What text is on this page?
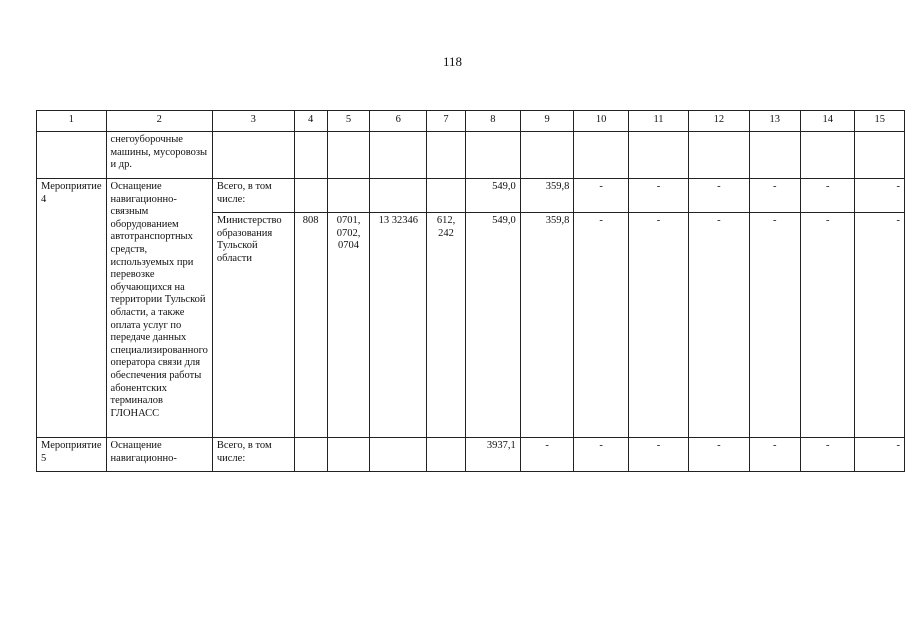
118
1	2	3	4	5	6	7	8	9	10	11	12	13	14	15
	снегоуборочные машины, мусоровозы и др.													
Мероприятие 4	Оснащение навигационно-связным оборудованием автотранспортных средств, используемых при перевозке обучающихся на территории Тульской области, а также оплата услуг по передаче данных специализированного оператора связи для обеспечения работы абонентских терминалов ГЛОНАСС	Всего, в том числе:					549,0	359,8	-	-	-	-	-	-
		Министерство образования Тульской области	808	0701, 0702, 0704	13 32346	612, 242	549,0	359,8	-	-	-	-	-	-
Мероприятие 5	Оснащение навигационно-	Всего, в том числе:					3937,1	-	-	-	-	-	-	-
